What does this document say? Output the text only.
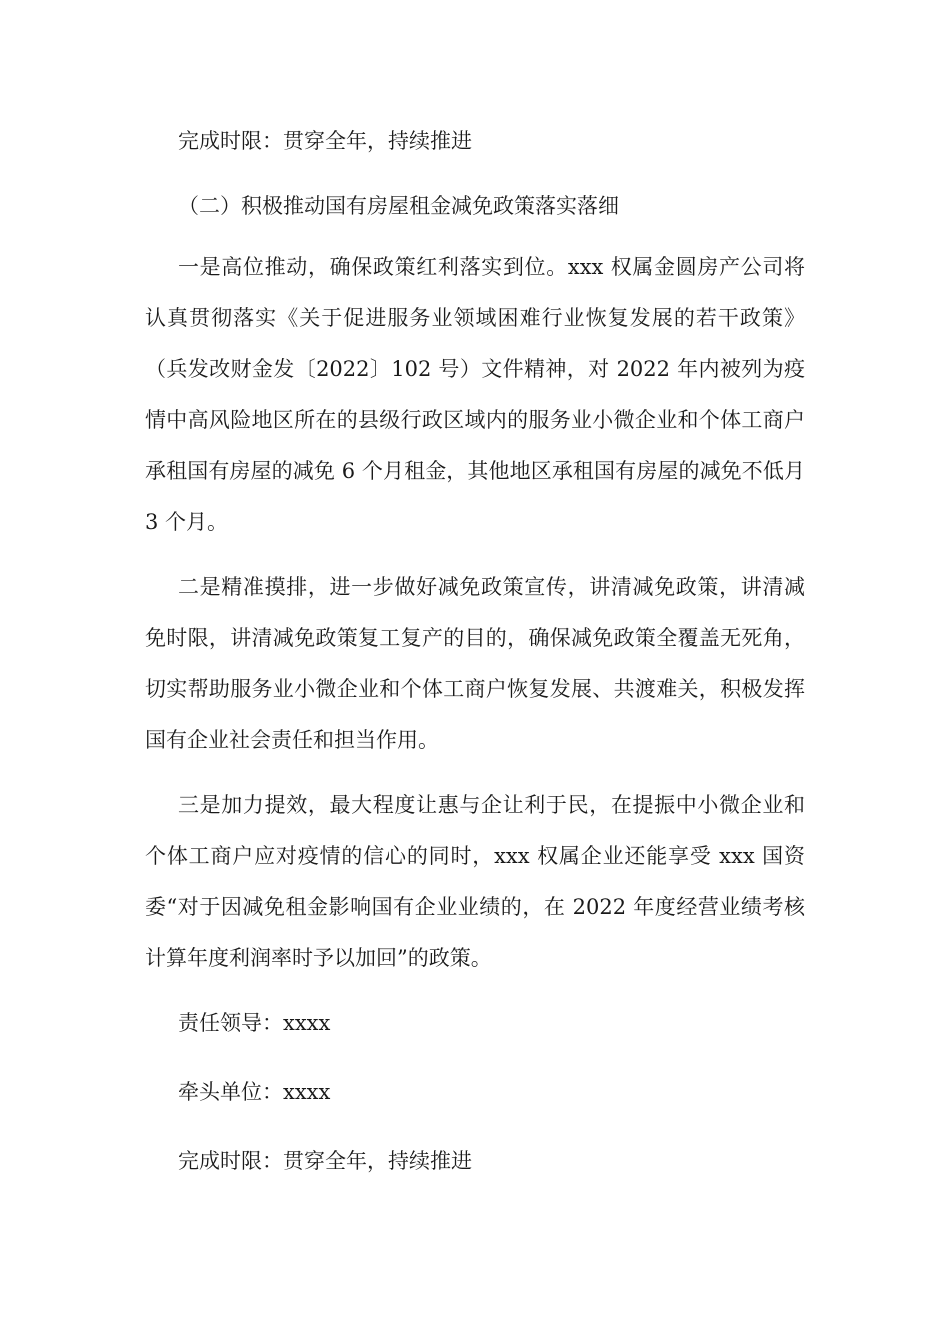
完成时限：贯穿全年，持续推进

（二）积极推动国有房屋租金减免政策落实落细

一是高位推动，确保政策红利落实到位。xxx 权属金圆房产公司将认真贯彻落实《关于促进服务业领域困难行业恢复发展的若干政策》（兵发改财金发〔2022〕102 号）文件精神，对 2022 年内被列为疫情中高风险地区所在的县级行政区域内的服务业小微企业和个体工商户承租国有房屋的减免 6 个月租金，其他地区承租国有房屋的减免不低月 3 个月。

二是精准摸排，进一步做好减免政策宣传，讲清减免政策，讲清减免时限，讲清减免政策复工复产的目的，确保减免政策全覆盖无死角，切实帮助服务业小微企业和个体工商户恢复发展、共渡难关，积极发挥国有企业社会责任和担当作用。

三是加力提效，最大程度让惠与企让利于民，在提振中小微企业和个体工商户应对疫情的信心的同时，xxx 权属企业还能享受 xxx 国资委“对于因减免租金影响国有企业业绩的，在 2022 年度经营业绩考核计算年度利润率时予以加回”的政策。

责任领导：xxxx

牵头单位：xxxx

完成时限：贯穿全年，持续推进
